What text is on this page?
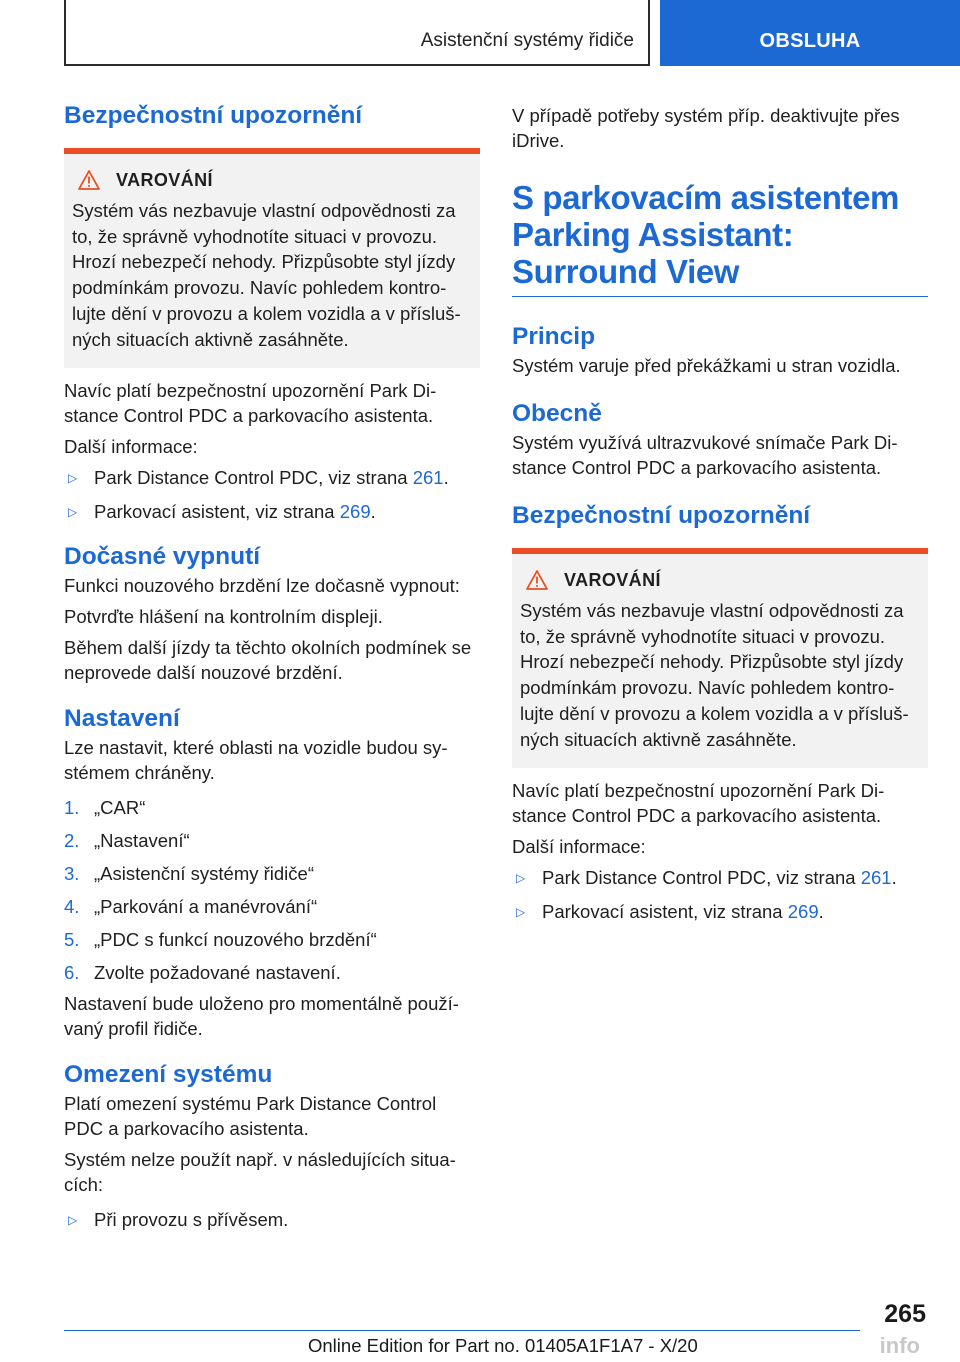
Asistenční systémy řidiče	OBSLUHA
Bezpečnostní upozornění
VAROVÁNÍ
Systém vás nezbavuje vlastní odpovědnosti za to, že správně vyhodnotíte situaci v provozu. Hrozí nebezpečí nehody. Přizpůsobte styl jízdy podmínkám provozu. Navíc pohledem kontro-lujte dění v provozu a kolem vozidla a v přísluš-ných situacích aktivně zasáhněte.

Navíc platí bezpečnostní upozornění Park Di-stance Control PDC a parkovacího asistenta.

Další informace:

▷ Park Distance Control PDC, viz strana 261.
▷ Parkovací asistent, viz strana 269.
Dočasné vypnutí

Funkci nouzového brzdění lze dočasně vypnout:

Potvrďte hlášení na kontrolním displeji.

Během další jízdy ta těchto okolních podmínek se neprovede další nouzové brzdění.

Nastavení

Lze nastavit, které oblasti na vozidle budou sy-stémem chráněny.

1. „CAR“
2. „Nastavení“
3. „Asistenční systémy řidiče“
4. „Parkování a manévrování“
5. „PDC s funkcí nouzového brzdění“
6. Zvolte požadované nastavení.

Nastavení bude uloženo pro momentálně použí-vaný profil řidiče.

Omezení systému

Platí omezení systému Park Distance Control PDC a parkovacího asistenta.

Systém nelze použít např. v následujících situa-cích:

▷ Při provozu s přívěsem.

V případě potřeby systém příp. deaktivujte přes iDrive.

S parkovacím asistentem
Parking Assistant:
Surround View
Princip

Systém varuje před překážkami u stran vozidla.

Obecně

Systém využívá ultrazvukové snímače Park Di-stance Control PDC a parkovacího asistenta.

Bezpečnostní upozornění
VAROVÁNÍ
Systém vás nezbavuje vlastní odpovědnosti za to, že správně vyhodnotíte situaci v provozu. Hrozí nebezpečí nehody. Přizpůsobte styl jízdy podmínkám provozu. Navíc pohledem kontro-lujte dění v provozu a kolem vozidla a v přísluš-ných situacích aktivně zasáhněte.

Navíc platí bezpečnostní upozornění Park Di-stance Control PDC a parkovacího asistenta.

Další informace:

▷ Park Distance Control PDC, viz strana 261.
▷ Parkovací asistent, viz strana 269.
265
Online Edition for Part no. 01405A1F1A7 - X/20	info
